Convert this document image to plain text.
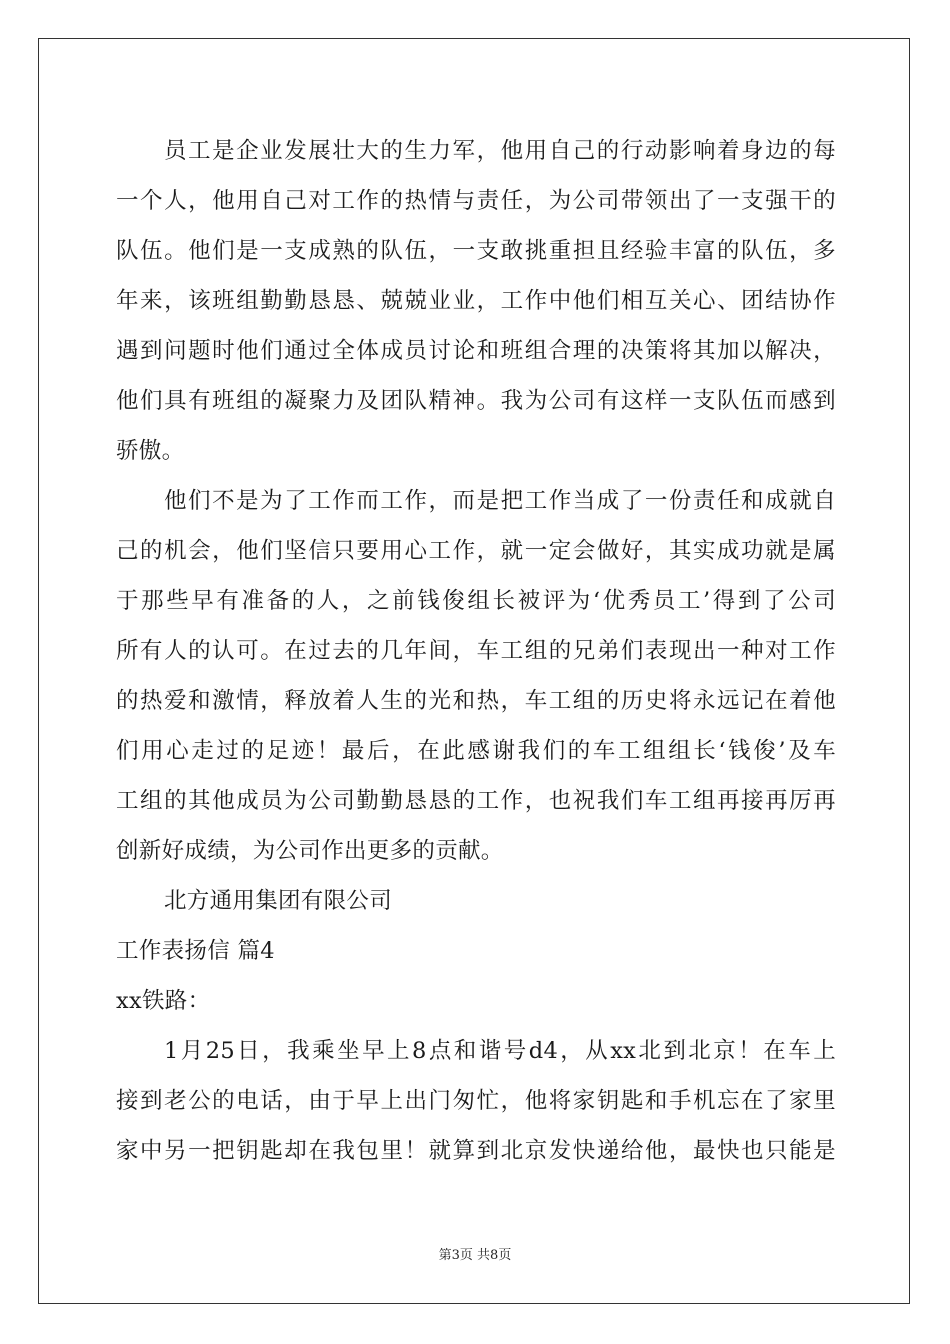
员工是企业发展壮大的生力军，他用自己的行动影响着身边的每
一个人，他用自己对工作的热情与责任，为公司带领出了一支强干的
队伍。他们是一支成熟的队伍，一支敢挑重担且经验丰富的队伍，多
年来，该班组勤勤恳恳、兢兢业业，工作中他们相互关心、团结协作
遇到问题时他们通过全体成员讨论和班组合理的决策将其加以解决，
他们具有班组的凝聚力及团队精神。我为公司有这样一支队伍而感到
骄傲。
他们不是为了工作而工作，而是把工作当成了一份责任和成就自
己的机会，他们坚信只要用心工作，就一定会做好，其实成功就是属
于那些早有准备的人，之前钱俊组长被评为‘优秀员工’得到了公司
所有人的认可。在过去的几年间，车工组的兄弟们表现出一种对工作
的热爱和激情，释放着人生的光和热，车工组的历史将永远记在着他
们用心走过的足迹！最后，在此感谢我们的车工组组长‘钱俊’及车
工组的其他成员为公司勤勤恳恳的工作，也祝我们车工组再接再厉再
创新好成绩，为公司作出更多的贡献。
北方通用集团有限公司
工作表扬信 篇4
xx铁路：
1月25日，我乘坐早上8点和谐号d4，从xx北到北京！在车上
接到老公的电话，由于早上出门匆忙，他将家钥匙和手机忘在了家里
家中另一把钥匙却在我包里！就算到北京发快递给他，最快也只能是
第3页 共8页
